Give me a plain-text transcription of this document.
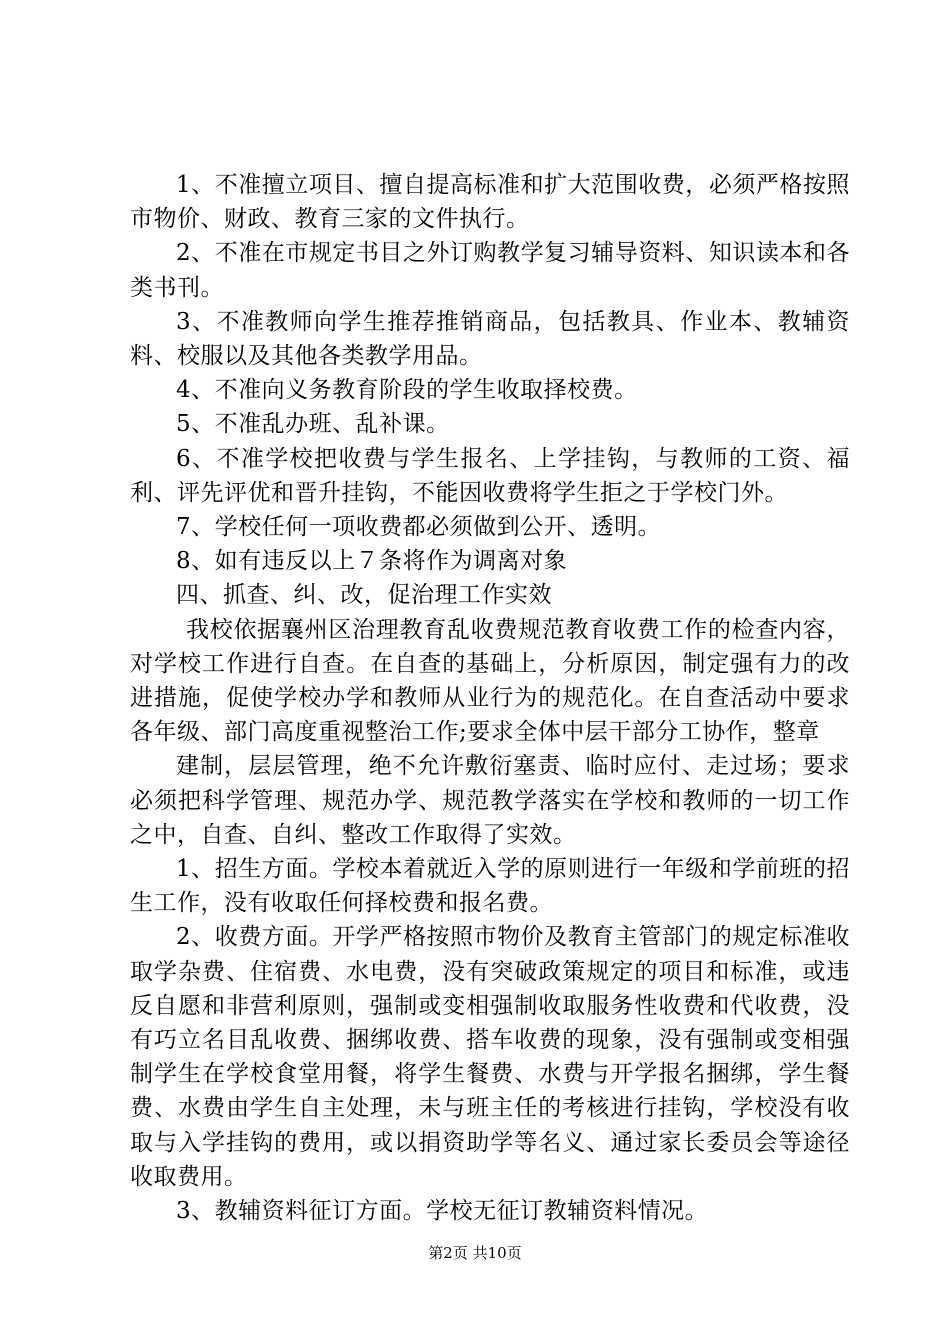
1、不准擅立项目、擅自提高标准和扩大范围收费，必须严格按照市物价、财政、教育三家的文件执行。

2、不准在市规定书目之外订购教学复习辅导资料、知识读本和各类书刊。

3、不准教师向学生推荐推销商品，包括教具、作业本、教辅资料、校服以及其他各类教学用品。

4、不准向义务教育阶段的学生收取择校费。

5、不准乱办班、乱补课。

6、不准学校把收费与学生报名、上学挂钩，与教师的工资、福利、评先评优和晋升挂钩，不能因收费将学生拒之于学校门外。

7、学校任何一项收费都必须做到公开、透明。

8、如有违反以上７条将作为调离对象

四、抓查、纠、改，促治理工作实效

我校依据襄州区治理教育乱收费规范教育收费工作的检查内容，对学校工作进行自查。在自查的基础上，分析原因，制定强有力的改进措施，促使学校办学和教师从业行为的规范化。在自查活动中要求各年级、部门高度重视整治工作;要求全体中层干部分工协作，整章

建制，层层管理，绝不允许敷衍塞责、临时应付、走过场；要求必须把科学管理、规范办学、规范教学落实在学校和教师的一切工作之中，自查、自纠、整改工作取得了实效。

1、招生方面。学校本着就近入学的原则进行一年级和学前班的招生工作，没有收取任何择校费和报名费。

2、收费方面。开学严格按照市物价及教育主管部门的规定标准收取学杂费、住宿费、水电费，没有突破政策规定的项目和标准，或违反自愿和非营利原则，强制或变相强制收取服务性收费和代收费，没有巧立名目乱收费、捆绑收费、搭车收费的现象，没有强制或变相强制学生在学校食堂用餐，将学生餐费、水费与开学报名捆绑，学生餐费、水费由学生自主处理，未与班主任的考核进行挂钩，学校没有收取与入学挂钩的费用，或以捐资助学等名义、通过家长委员会等途径收取费用。

3、教辅资料征订方面。学校无征订教辅资料情况。

第2页 共10页
